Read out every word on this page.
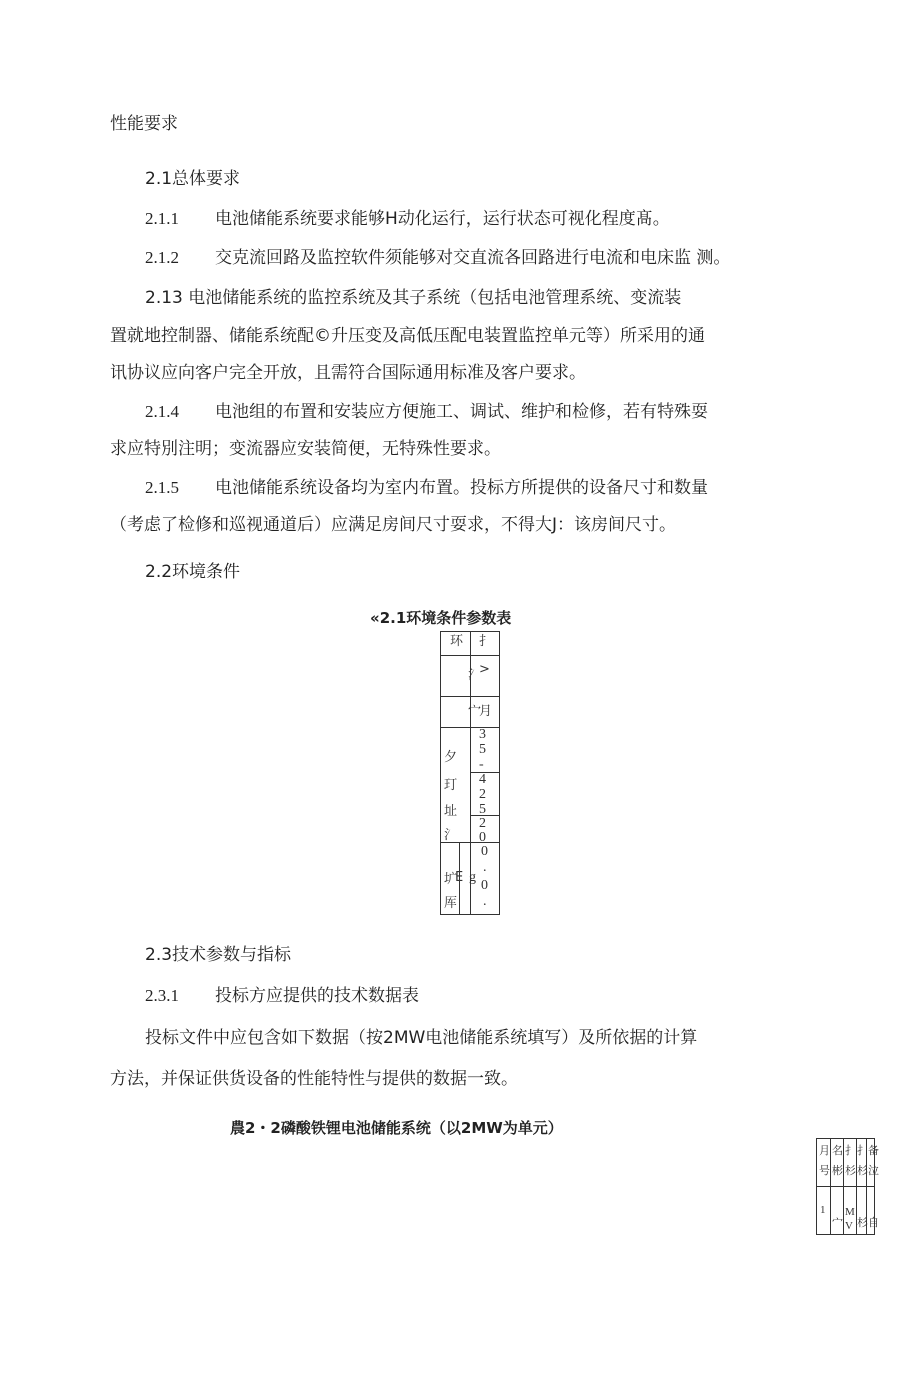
性能要求
2.1总体要求
2.1.1 电池储能系统要求能够H动化运行，运行状态可视化程度髙。
2.1.2 交克流回路及监控软件须能够对交直流各回路进行电流和电床监 测。
2.13 电池储能系统的监控系统及其子系统（包括电池管理系统、变流装
置就地控制器、储能系统配©升压变及高低压配电装置监控单元等）所采用的通
讯协议应向客户完全开放，且需符合国际通用标准及客户要求。
2.1.4 电池组的布置和安装应方便施工、调试、维护和检修，若有特殊耍
求应特別注明；变流器应安装简便，无特殊性要求。
2.1.5 电池储能系统设备均为室内布置。投标方所提供的设备尺寸和数量
（考虑了检修和巡视通道后）应满足房间尺寸耍求，不得大J：该房间尺寸。
2.2环境条件
«2.1环境条件参数表
环 扌
氵
>
宀
月
夕
玎
址
氵
3
5
-
4
2
5
2
0
圹
E g
厍
0
.
0
.
2.3技术参数与指标
2.3.1 投标方应提供的技术数据表
投标文件中应包含如下数据（按2MW电池储能系统填写）及所依据的计算
方法，并保证供货设备的性能特性与提供的数据一致。
農2・2磷酸铁锂电池储能系统（以2MW为单元）
月
号
名
彬
扌
杉
扌
杉
备
泣
1
宀
M
V 杉 自
